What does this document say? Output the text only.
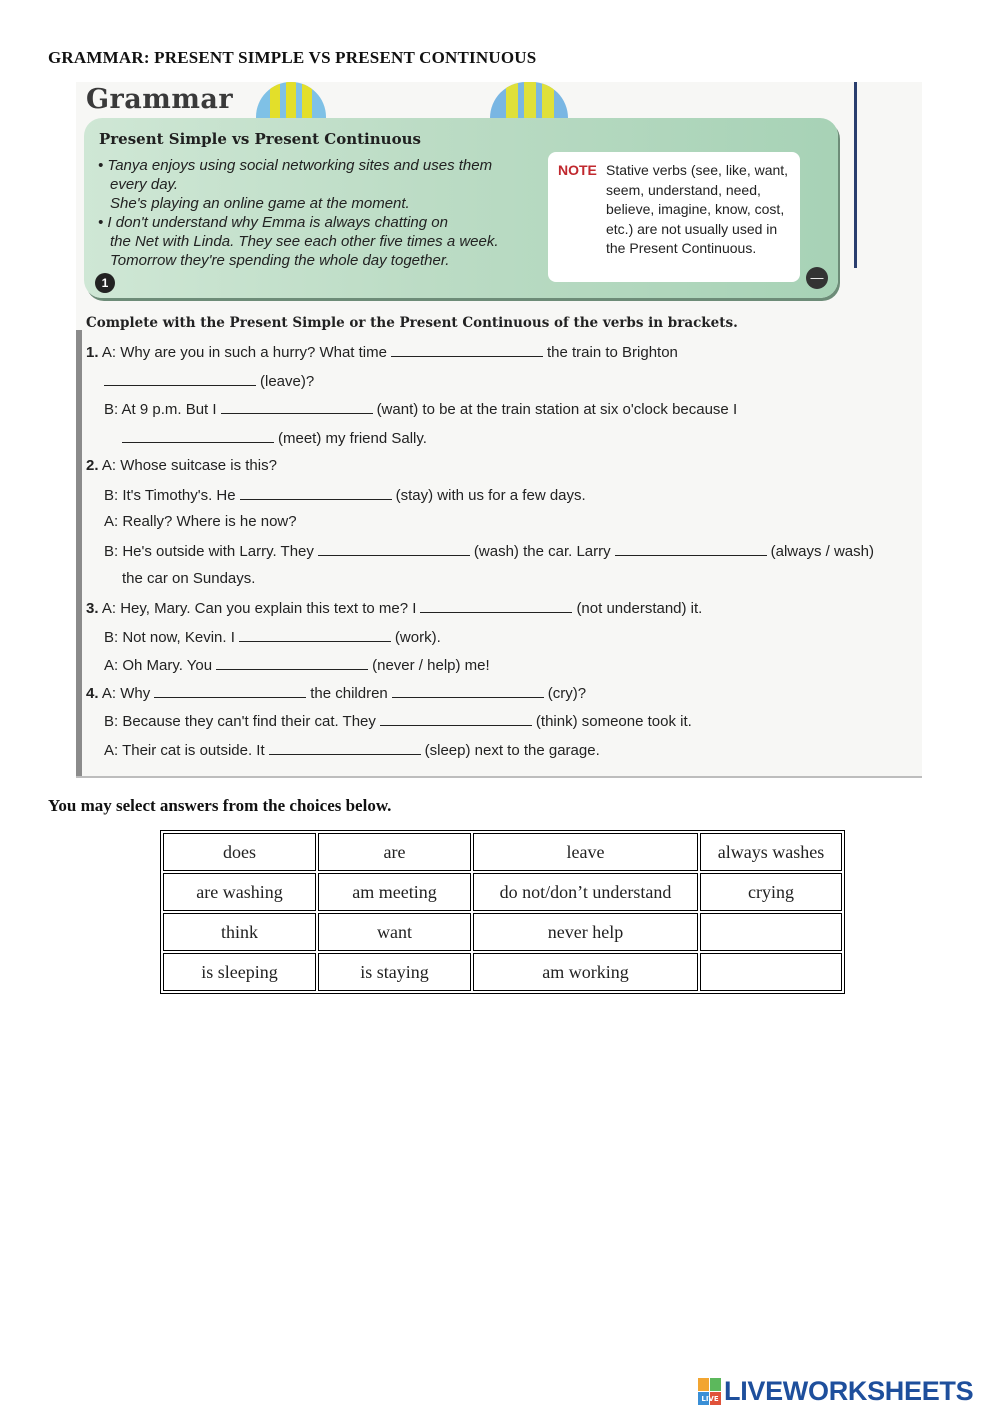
GRAMMAR: PRESENT SIMPLE VS PRESENT CONTINUOUS
Grammar
Present Simple vs Present Continuous
• Tanya enjoys using social networking sites and uses them
every day.
She's playing an online game at the moment.
• I don't understand why Emma is always chatting on
the Net with Linda. They see each other five times a week.
Tomorrow they're spending the whole day together.
NOTE Stative verbs (see, like, want, seem, understand, need, believe, imagine, know, cost, etc.) are not usually used in the Present Continuous.
1	—
Complete with the Present Simple or the Present Continuous of the verbs in brackets.
1. A: Why are you in such a hurry? What time	the train to Brighton
(leave)?
B: At 9 p.m. But I	(want) to be at the train station at six o'clock because I
(meet) my friend Sally.
2. A: Whose suitcase is this?
B: It's Timothy's. He	(stay) with us for a few days.
A: Really? Where is he now?
B: He's outside with Larry. They	(wash) the car. Larry	(always / wash)
the car on Sundays.
3. A: Hey, Mary. Can you explain this text to me? I	(not understand) it.
B: Not now, Kevin. I	(work).
A: Oh Mary. You	(never / help) me!
4. A: Why	the children	(cry)?
B: Because they can't find their cat. They	(think) someone took it.
A: Their cat is outside. It	(sleep) next to the garage.
You may select answers from the choices below.
does	are	leave	always washes
are washing	am meeting	do not/don’t understand	crying
think	want	never help	
is sleeping	is staying	am working	
LIVE LIVEWORKSHEETS
